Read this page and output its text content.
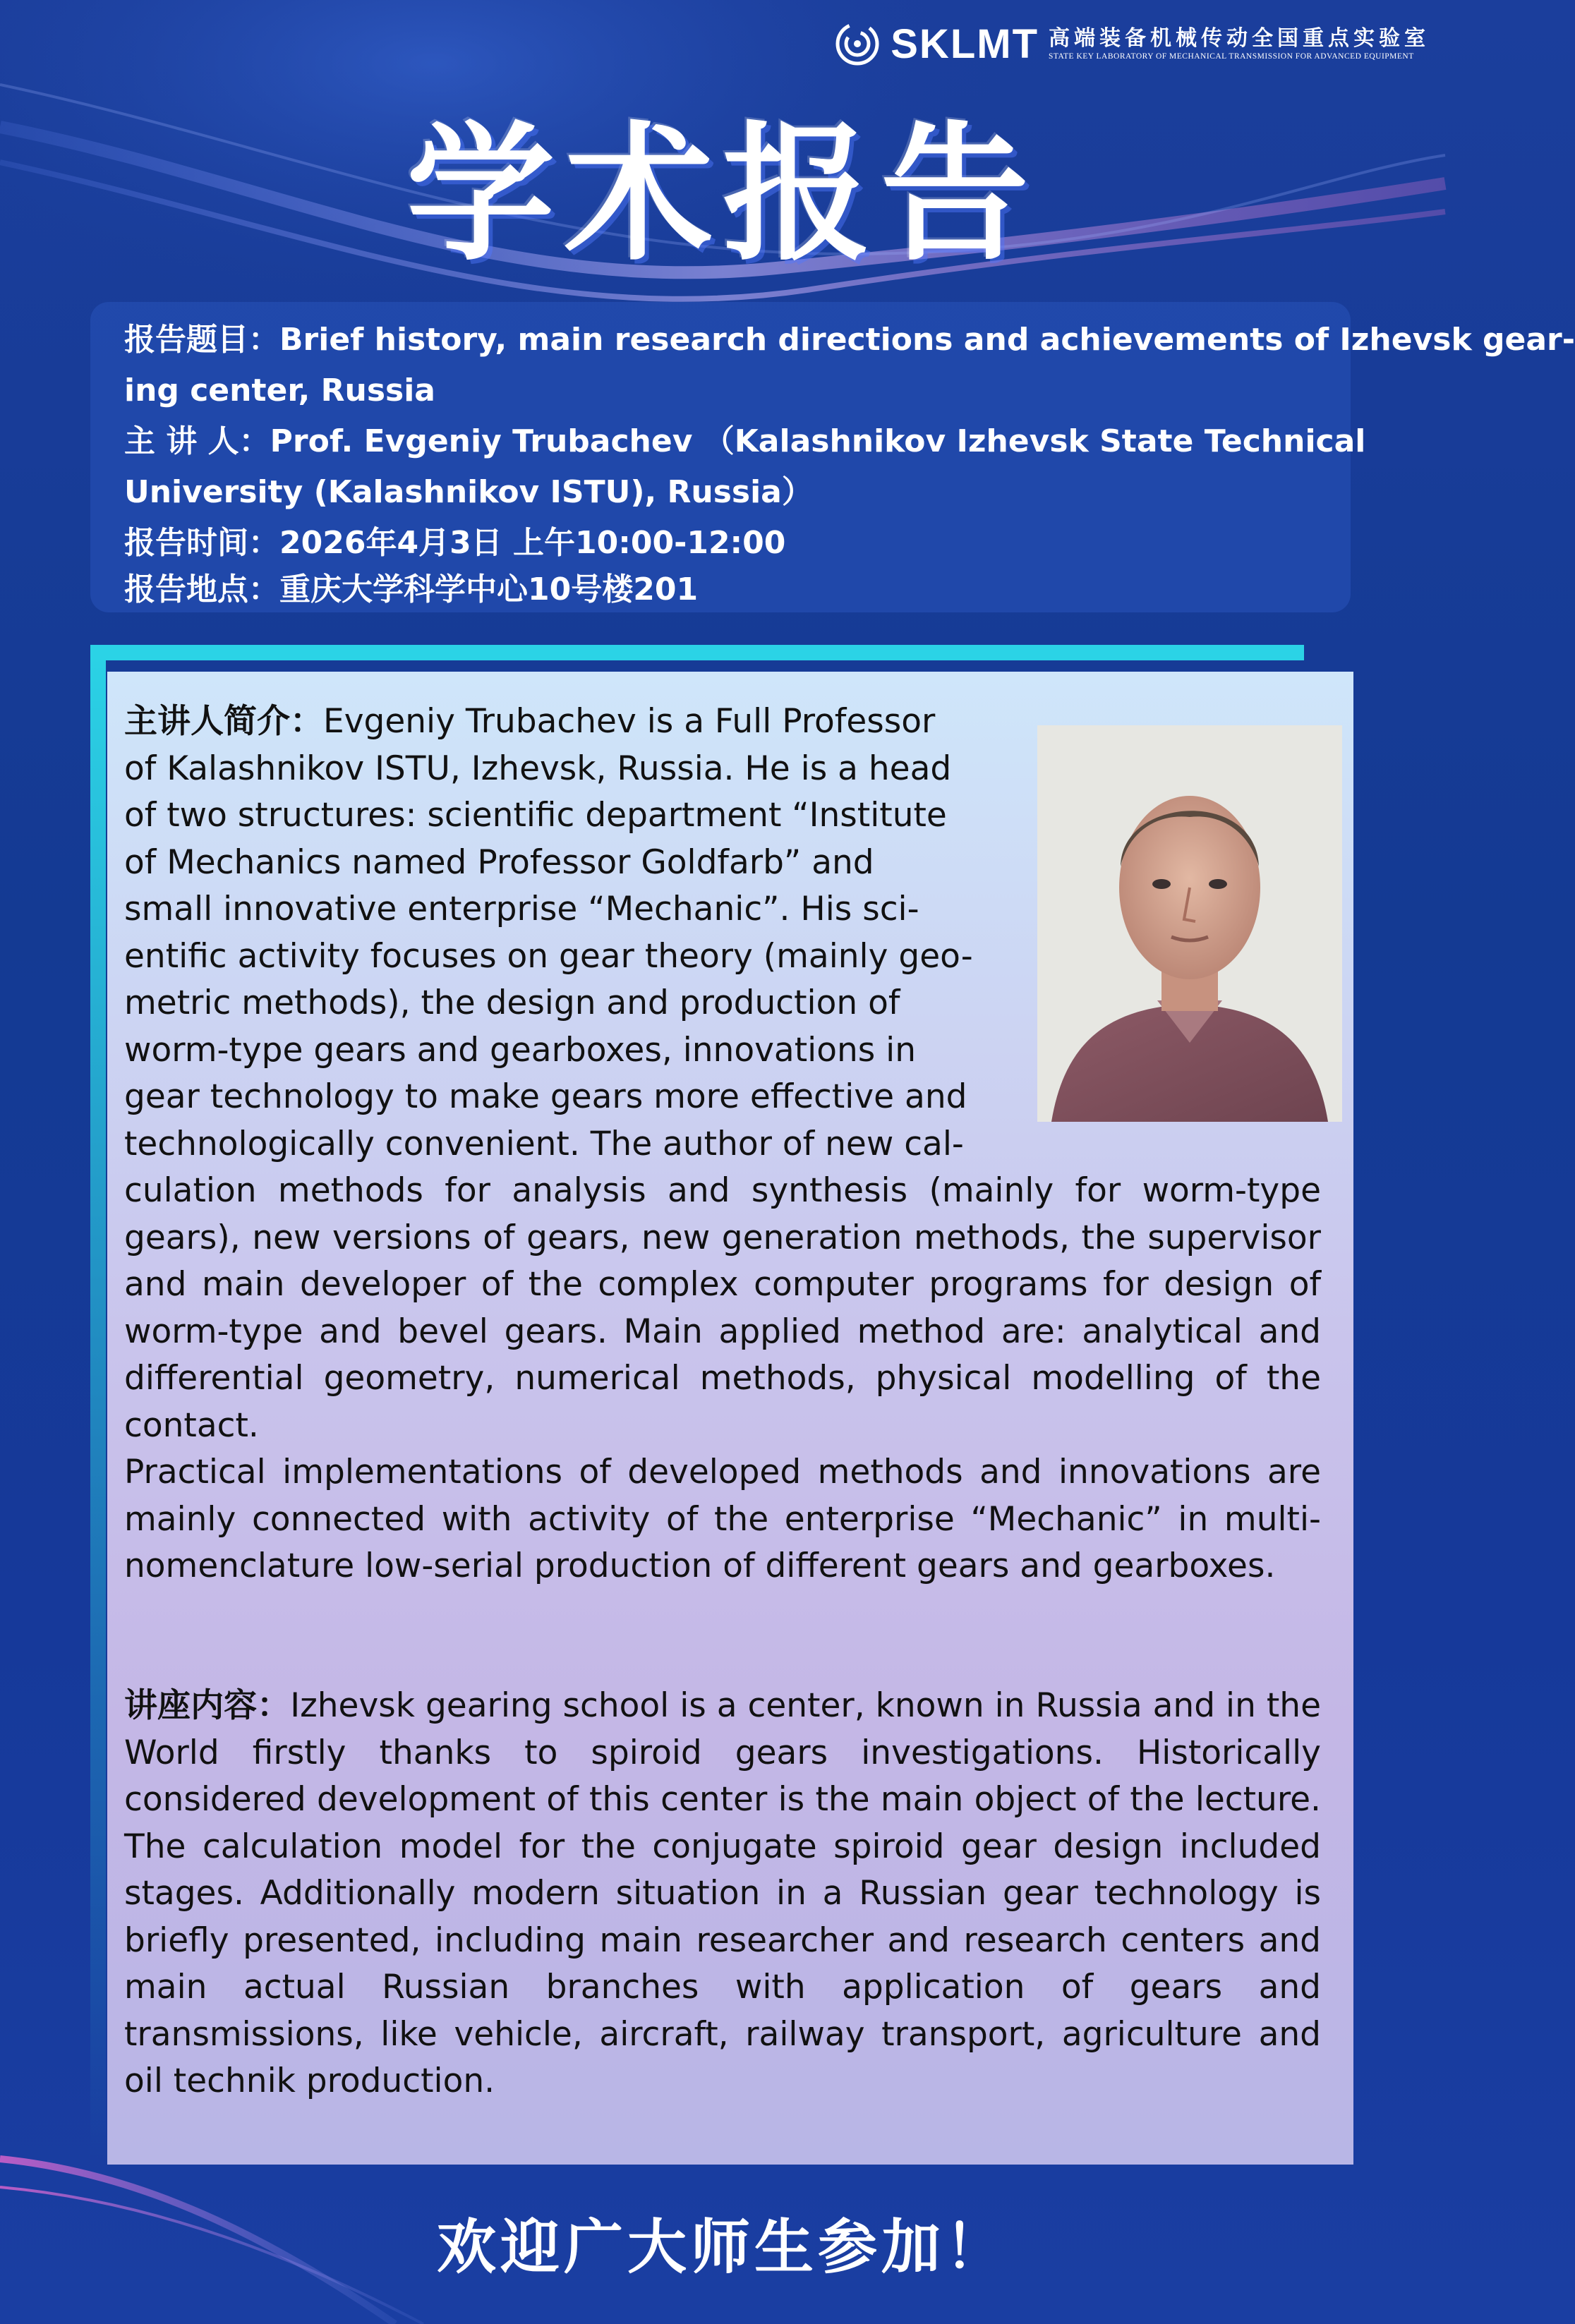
SKLMT 高端装备机械传动全国重点实验室
STATE KEY LABORATORY OF MECHANICAL TRANSMISSION FOR ADVANCED EQUIPMENT
学术报告
报告题目：Brief history, main research directions and achievements of Izhevsk gear-
ing center, Russia
主 讲 人：Prof. Evgeniy Trubachev （Kalashnikov Izhevsk State Technical
University (Kalashnikov ISTU), Russia）
报告时间：2026年4月3日 上午10:00-12:00
报告地点：重庆大学科学中心10号楼201
主讲人简介：Evgeniy Trubachev is a Full Professor
of Kalashnikov ISTU, Izhevsk, Russia. He is a head
of two structures: scientific department “Institute
of Mechanics named Professor Goldfarb” and
small innovative enterprise “Mechanic”. His sci-
entific activity focuses on gear theory (mainly geo-
metric methods), the design and production of
worm-type gears and gearboxes, innovations in
gear technology to make gears more effective and
technologically convenient. The author of new cal-

culation methods for analysis and synthesis (mainly for worm-type gears), new versions of gears, new generation methods, the supervisor and main developer of the complex computer programs for design of worm-type and bevel gears. Main applied method are: analytical and differential geometry, numerical methods, physical modelling of the contact.

Practical implementations of developed methods and innovations are mainly connected with activity of the enterprise “Mechanic” in multi-nomenclature low-serial production of different gears and gearboxes.

讲座内容：Izhevsk gearing school is a center, known in Russia and in the World firstly thanks to spiroid gears investigations. Historically considered development of this center is the main object of the lecture. The calculation model for the conjugate spiroid gear design included stages. Additionally modern situation in a Russian gear technology is briefly presented, including main researcher and research centers and main actual Russian branches with application of gears and transmissions, like vehicle, aircraft, railway transport, agriculture and oil technik production.

欢迎广大师生参加！
